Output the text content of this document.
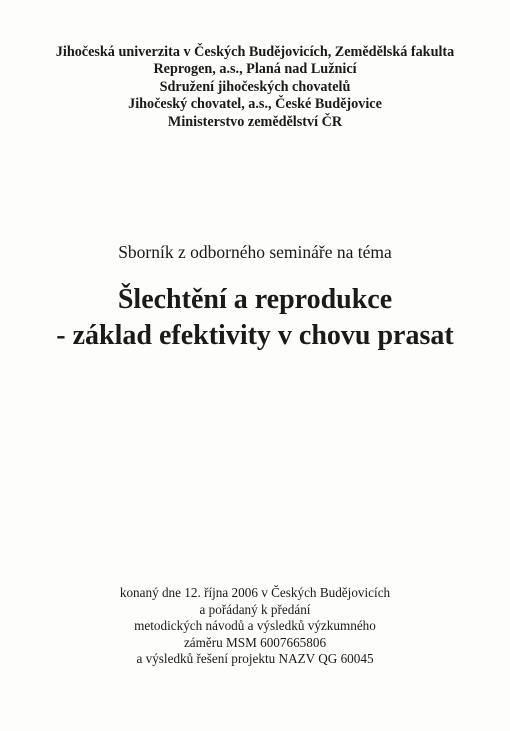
Jihočeská univerzita v Českých Budějovicích, Zemědělská fakulta
Reprogen, a.s., Planá nad Lužnicí
Sdružení jihočeských chovatelů
Jihočeský chovatel, a.s., České Budějovice
Ministerstvo zemědělství ČR
Sborník z odborného semináře na téma
Šlechtění a reprodukce
- základ efektivity v chovu prasat
konaný dne 12. října 2006 v Českých Budějovicích
a pořádaný k předání
metodických návodů a výsledků výzkumného
záměru MSM 6007665806
a výsledků řešení projektu NAZV QG 60045
